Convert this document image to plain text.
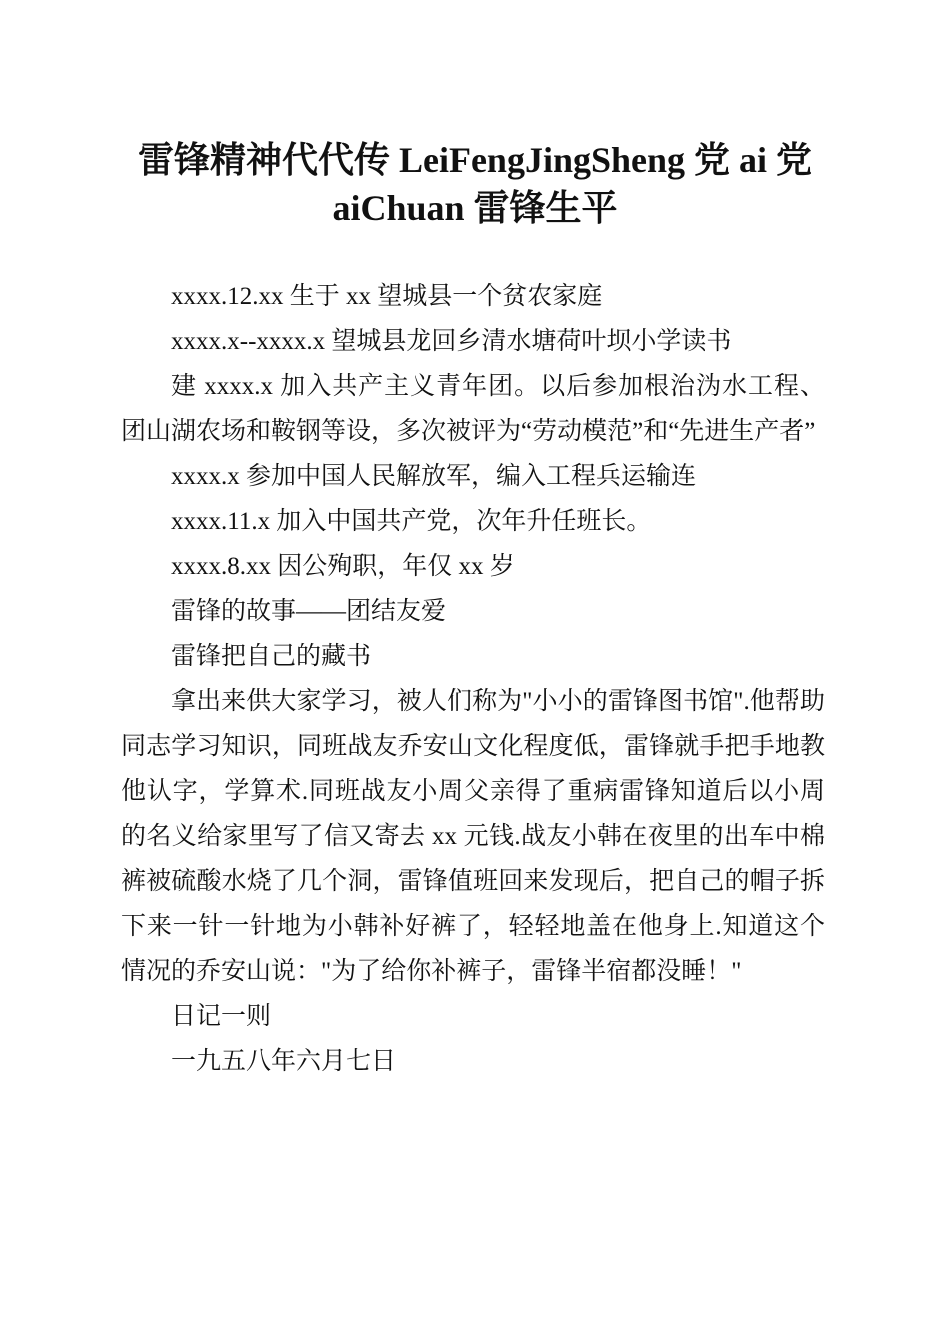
雷锋精神代代传 LeiFengJingSheng 党 ai 党
aiChuan 雷锋生平

xxxx.12.xx 生于 xx 望城县一个贫农家庭

xxxx.x--xxxx.x 望城县龙回乡清水塘荷叶坝小学读书

建 xxxx.x 加入共产主义青年团。以后参加根治沩水工程、团山湖农场和鞍钢等设，多次被评为“劳动模范”和“先进生产者”

xxxx.x 参加中国人民解放军，编入工程兵运输连

xxxx.11.x 加入中国共产党，次年升任班长。

xxxx.8.xx 因公殉职，年仅 xx 岁

雷锋的故事——团结友爱

雷锋把自己的藏书

拿出来供大家学习，被人们称为"小小的雷锋图书馆".他帮助同志学习知识，同班战友乔安山文化程度低，雷锋就手把手地教他认字，学算术.同班战友小周父亲得了重病雷锋知道后以小周的名义给家里写了信又寄去 xx 元钱.战友小韩在夜里的出车中棉裤被硫酸水烧了几个洞，雷锋值班回来发现后，把自己的帽子拆下来一针一针地为小韩补好裤了，轻轻地盖在他身上.知道这个情况的乔安山说："为了给你补裤子，雷锋半宿都没睡！"

日记一则

一九五八年六月七日
